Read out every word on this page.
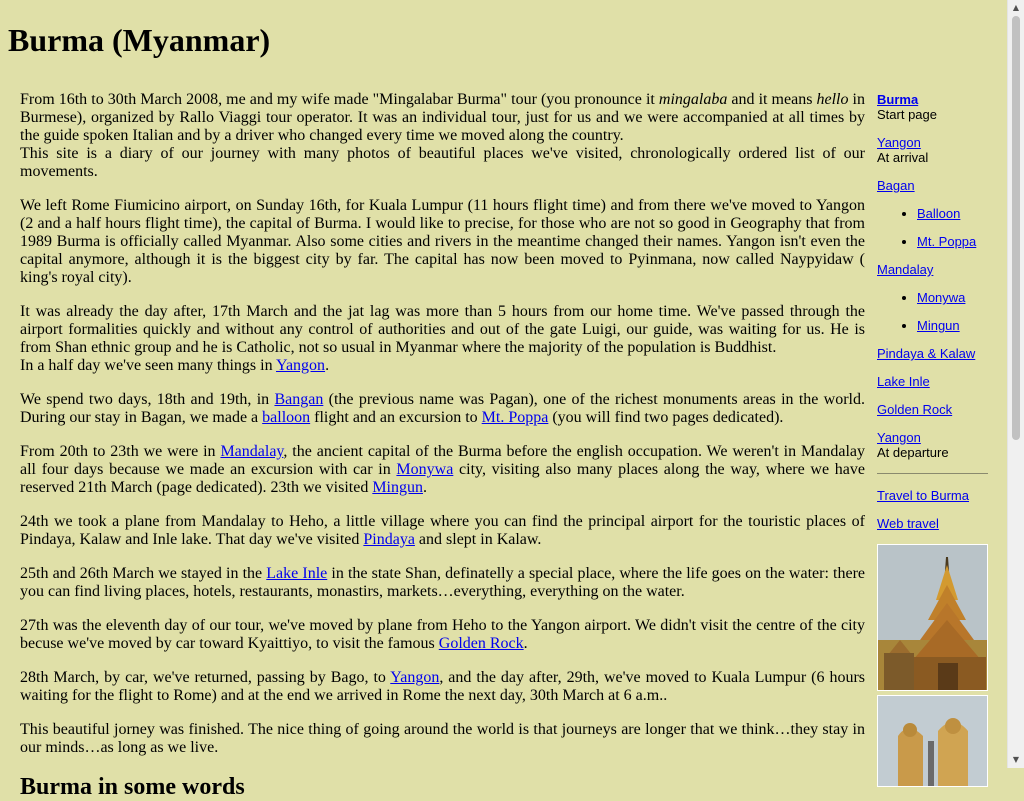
Burma (Myanmar)

From 16th to 30th March 2008, me and my wife made "Mingalabar Burma" tour (you pronounce it mingalaba and it means hello in Burmese), organized by Rallo Viaggi tour operator. It was an individual tour, just for us and we were accompanied at all times by the guide spoken Italian and by a driver who changed every time we moved along the country.
This site is a diary of our journey with many photos of beautiful places we've visited, chronologically ordered list of our movements.

We left Rome Fiumicino airport, on Sunday 16th, for Kuala Lumpur (11 hours flight time) and from there we've moved to Yangon (2 and a half hours flight time), the capital of Burma. I would like to precise, for those who are not so good in Geography that from 1989 Burma is officially called Myanmar. Also some cities and rivers in the meantime changed their names. Yangon isn't even the capital anymore, although it is the biggest city by far. The capital has now been moved to Pyinmana, now called Naypyidaw ( king's royal city).

It was already the day after, 17th March and the jat lag was more than 5 hours from our home time. We've passed through the airport formalities quickly and without any control of authorities and out of the gate Luigi, our guide, was waiting for us. He is from Shan ethnic group and he is Catholic, not so usual in Myanmar where the majority of the population is Buddhist.
In a half day we've seen many things in Yangon.

We spend two days, 18th and 19th, in Bangan (the previous name was Pagan), one of the richest monuments areas in the world. During our stay in Bagan, we made a balloon flight and an excursion to Mt. Poppa (you will find two pages dedicated).

From 20th to 23th we were in Mandalay, the ancient capital of the Burma before the english occupation. We weren't in Mandalay all four days because we made an excursion with car in Monywa city, visiting also many places along the way, where we have reserved 21th March (page dedicated). 23th we visited Mingun.

24th we took a plane from Mandalay to Heho, a little village where you can find the principal airport for the touristic places of Pindaya, Kalaw and Inle lake. That day we've visited Pindaya and slept in Kalaw.

25th and 26th March we stayed in the Lake Inle in the state Shan, definatelly a special place, where the life goes on the water: there you can find living places, hotels, restaurants, monastirs, markets…everything, everything on the water.

27th was the eleventh day of our tour, we've moved by plane from Heho to the Yangon airport. We didn't visit the centre of the city becuse we've moved by car toward Kyaittiyo, to visit the famous Golden Rock.

28th March, by car, we've returned, passing by Bago, to Yangon, and the day after, 29th, we've moved to Kuala Lumpur (6 hours waiting for the flight to Rome) and at the end we arrived in Rome the next day, 30th March at 6 a.m..

This beautiful jorney was finished. The nice thing of going around the world is that journeys are longer that we think…they stay in our minds…as long as we live.

Burma in some words
Burma
Start page
Yangon
At arrival
Bagan
• Balloon
• Mt. Poppa
Mandalay
• Monywa
• Mingun
Pindaya & Kalaw
Lake Inle
Golden Rock
Yangon
At departure
Travel to Burma
Web travel
▲
▼
